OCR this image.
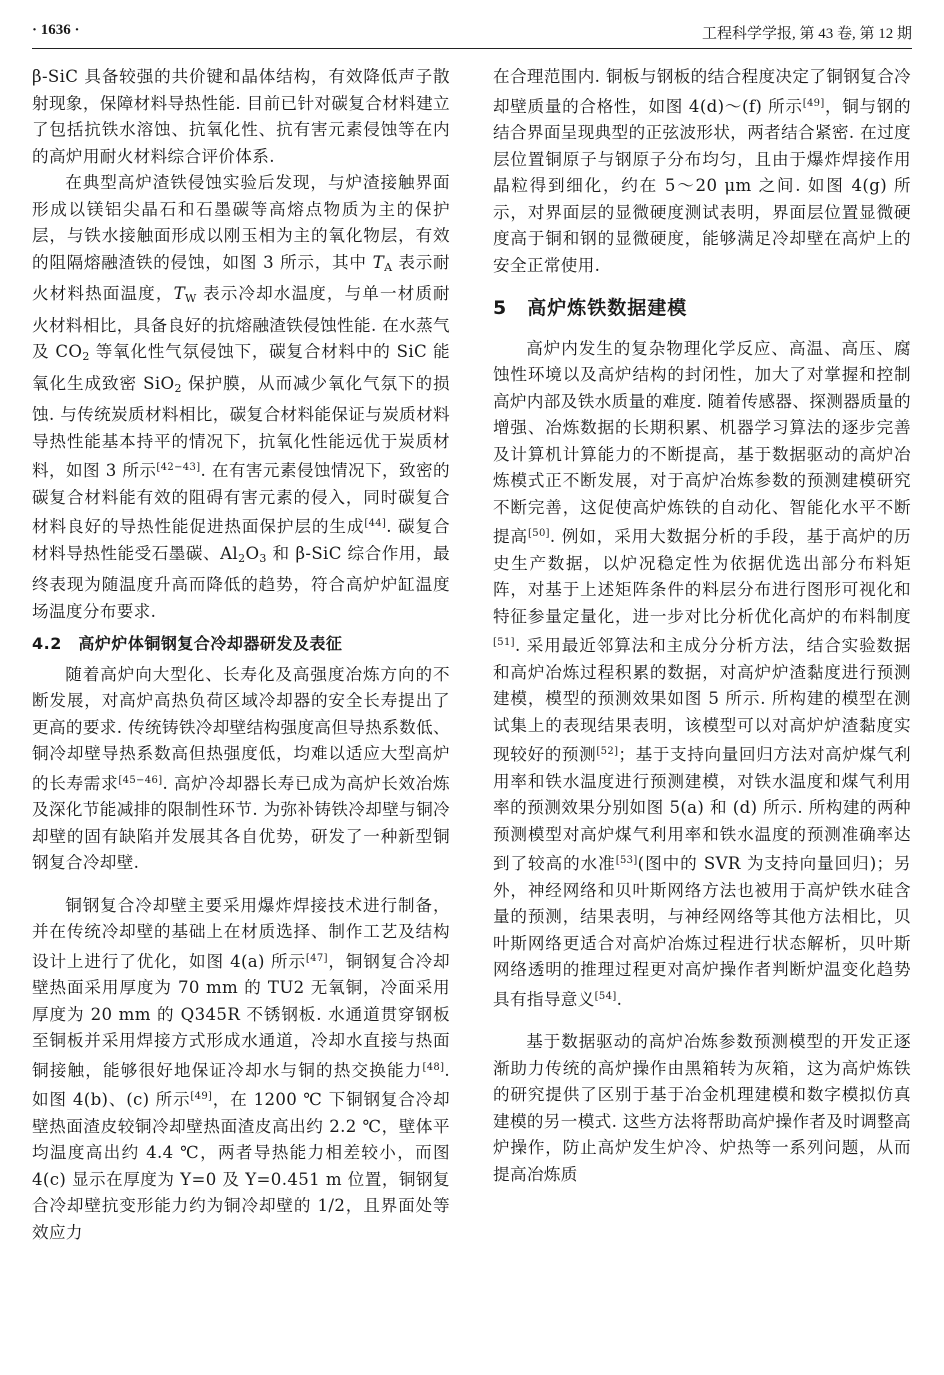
· 1636 ·	工程科学学报, 第 43 卷, 第 12 期

β-SiC 具备较强的共价键和晶体结构，有效降低声子散射现象，保障材料导热性能. 目前已针对碳复合材料建立了包括抗铁水溶蚀、抗氧化性、抗有害元素侵蚀等在内的高炉用耐火材料综合评价体系.

在典型高炉渣铁侵蚀实验后发现，与炉渣接触界面形成以镁铝尖晶石和石墨碳等高熔点物质为主的保护层，与铁水接触面形成以刚玉相为主的氧化物层，有效的阻隔熔融渣铁的侵蚀，如图 3 所示，其中 $T_A$ 表示耐火材料热面温度，$T_W$ 表示冷却水温度，与单一材质耐火材料相比，具备良好的抗熔融渣铁侵蚀性能. 在水蒸气及 $CO_2$ 等氧化性气氛侵蚀下，碳复合材料中的 SiC 能氧化生成致密 SiO$_2$ 保护膜，从而减少氧化气氛下的损蚀. 与传统炭质材料相比，碳复合材料能保证与炭质材料导热性能基本持平的情况下，抗氧化性能远优于炭质材料，如图 3 所示[42−43]. 在有害元素侵蚀情况下，致密的碳复合材料能有效的阻碍有害元素的侵入，同时碳复合材料良好的导热性能促进热面保护层的生成[44]. 碳复合材料导热性能受石墨碳、$Al_2O_3$ 和 β-SiC 综合作用，最终表现为随温度升高而降低的趋势，符合高炉炉缸温度场温度分布要求.

4.2　高炉炉体铜钢复合冷却器研发及表征

随着高炉向大型化、长寿化及高强度冶炼方向的不断发展，对高炉高热负荷区域冷却器的安全长寿提出了更高的要求. 传统铸铁冷却壁结构强度高但导热系数低、铜冷却壁导热系数高但热强度低，均难以适应大型高炉的长寿需求[45−46]. 高炉冷却器长寿已成为高炉长效冶炼及深化节能减排的限制性环节. 为弥补铸铁冷却壁与铜冷却壁的固有缺陷并发展其各自优势，研发了一种新型铜钢复合冷却壁.

铜钢复合冷却壁主要采用爆炸焊接技术进行制备，并在传统冷却壁的基础上在材质选择、制作工艺及结构设计上进行了优化，如图 4(a) 所示[47]，铜钢复合冷却壁热面采用厚度为 70 mm 的 TU2 无氧铜，冷面采用厚度为 20 mm 的 Q345R 不锈钢板. 水通道贯穿钢板至铜板并采用焊接方式形成水通道，冷却水直接与热面铜接触，能够很好地保证冷却水与铜的热交换能力[48]. 如图 4(b)、(c) 所示[49]，在 1200 ℃ 下铜钢复合冷却壁热面渣皮较铜冷却壁热面渣皮高出约 2.2 ℃，壁体平均温度高出约 4.4 ℃，两者导热能力相差较小，而图 4(c) 显示在厚度为 Y=0 及 Y=0.451 m 位置，铜钢复合冷却壁抗变形能力约为铜冷却壁的 1/2，且界面处等效应力

在合理范围内. 铜板与钢板的结合程度决定了铜钢复合冷却壁质量的合格性，如图 4(d)～(f) 所示[49]，铜与钢的结合界面呈现典型的正弦波形状，两者结合紧密. 在过度层位置铜原子与钢原子分布均匀，且由于爆炸焊接作用晶粒得到细化，约在 5～20 μm 之间. 如图 4(g) 所示，对界面层的显微硬度测试表明，界面层位置显微硬度高于铜和钢的显微硬度，能够满足冷却壁在高炉上的安全正常使用.

5　高炉炼铁数据建模

高炉内发生的复杂物理化学反应、高温、高压、腐蚀性环境以及高炉结构的封闭性，加大了对掌握和控制高炉内部及铁水质量的难度. 随着传感器、探测器质量的增强、冶炼数据的长期积累、机器学习算法的逐步完善及计算机计算能力的不断提高，基于数据驱动的高炉冶炼模式正不断发展，对于高炉冶炼参数的预测建模研究不断完善，这促使高炉炼铁的自动化、智能化水平不断提高[50]. 例如，采用大数据分析的手段，基于高炉的历史生产数据，以炉况稳定性为依据优选出部分布料矩阵，对基于上述矩阵条件的料层分布进行图形可视化和特征参量定量化，进一步对比分析优化高炉的布料制度[51]. 采用最近邻算法和主成分分析方法，结合实验数据和高炉冶炼过程积累的数据，对高炉炉渣黏度进行预测建模，模型的预测效果如图 5 所示. 所构建的模型在测试集上的表现结果表明，该模型可以对高炉炉渣黏度实现较好的预测[52]；基于支持向量回归方法对高炉煤气利用率和铁水温度进行预测建模，对铁水温度和煤气利用率的预测效果分别如图 5(a) 和 (d) 所示. 所构建的两种预测模型对高炉煤气利用率和铁水温度的预测准确率达到了较高的水准[53](图中的 SVR 为支持向量回归)；另外，神经网络和贝叶斯网络方法也被用于高炉铁水硅含量的预测，结果表明，与神经网络等其他方法相比，贝叶斯网络更适合对高炉冶炼过程进行状态解析，贝叶斯网络透明的推理过程更对高炉操作者判断炉温变化趋势具有指导意义[54].

基于数据驱动的高炉冶炼参数预测模型的开发正逐渐助力传统的高炉操作由黑箱转为灰箱，这为高炉炼铁的研究提供了区别于基于冶金机理建模和数字模拟仿真建模的另一模式. 这些方法将帮助高炉操作者及时调整高炉操作，防止高炉发生炉冷、炉热等一系列问题，从而提高冶炼质
